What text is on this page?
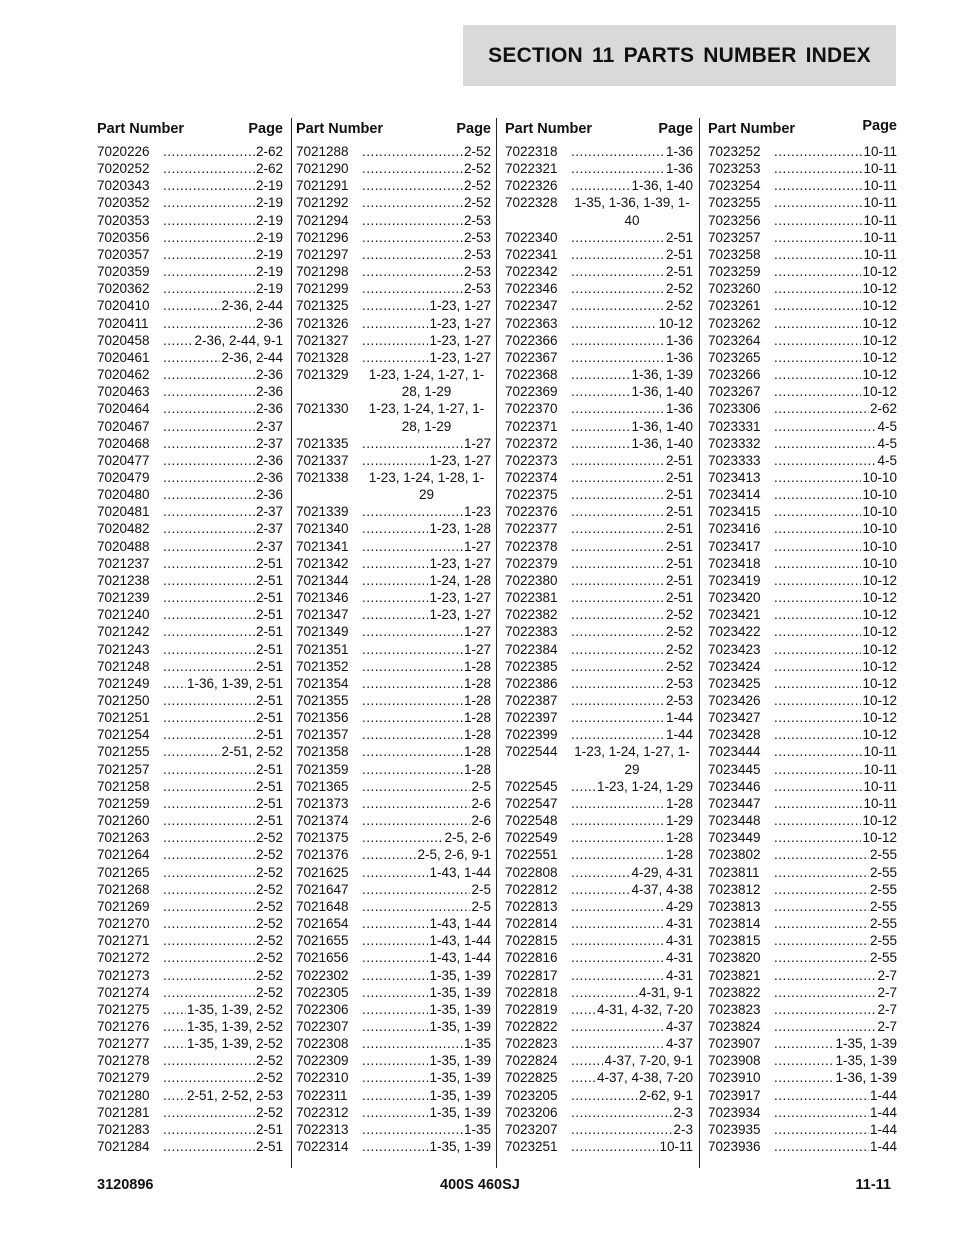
SECTION 11 PARTS NUMBER INDEX
Part Number	Page
7020226 .....	2-62
7020252 .....	2-62
7020343 .....	2-19
7020352 .....	2-19
7020353 .....	2-19
7020356 .....	2-19
7020357 .....	2-19
7020359 .....	2-19
7020362 .....	2-19
7020410 .....	2-36, 2-44
7020411 .....	2-36
7020458 .....	2-36, 2-44, 9-1
7020461 .....	2-36, 2-44
7020462 .....	2-36
7020463 .....	2-36
7020464 .....	2-36
7020467 .....	2-37
7020468 .....	2-37
7020477 .....	2-36
7020479 .....	2-36
7020480 .....	2-36
7020481 .....	2-37
7020482 .....	2-37
7020488 .....	2-37
7021237 .....	2-51
7021238 .....	2-51
7021239 .....	2-51
7021240 .....	2-51
7021242 .....	2-51
7021243 .....	2-51
7021248 .....	2-51
7021249 .....	1-36, 1-39, 2-51
7021250 .....	2-51
7021251 .....	2-51
7021254 .....	2-51
7021255 .....	2-51, 2-52
7021257 .....	2-51
7021258 .....	2-51
7021259 .....	2-51
7021260 .....	2-51
7021263 .....	2-52
7021264 .....	2-52
7021265 .....	2-52
7021268 .....	2-52
7021269 .....	2-52
7021270 .....	2-52
7021271 .....	2-52
7021272 .....	2-52
7021273 .....	2-52
7021274 .....	2-52
7021275 .....	1-35, 1-39, 2-52
7021276 .....	1-35, 1-39, 2-52
7021277 .....	1-35, 1-39, 2-52
7021278 .....	2-52
7021279 .....	2-52
7021280 .....	2-51, 2-52, 2-53
7021281 .....	2-52
7021283 .....	2-51
7021284 .....	2-51
Part Number	Page
7021288 .....	2-52
7021290 .....	2-52
7021291 .....	2-52
7021292 .....	2-52
7021294 .....	2-53
7021296 .....	2-53
7021297 .....	2-53
7021298 .....	2-53
7021299 .....	2-53
7021325 .....	1-23, 1-27
7021326 .....	1-23, 1-27
7021327 .....	1-23, 1-27
7021328 .....	1-23, 1-27
7021329	1-23, 1-24, 1-27, 1-28, 1-29
7021330	1-23, 1-24, 1-27, 1-28, 1-29
7021335 .....	1-27
7021337 .....	1-23, 1-27
7021338	1-23, 1-24, 1-28, 1-29
7021339 .....	1-23
7021340 .....	1-23, 1-28
7021341 .....	1-27
7021342 .....	1-23, 1-27
7021344 .....	1-24, 1-28
7021346 .....	1-23, 1-27
7021347 .....	1-23, 1-27
7021349 .....	1-27
7021351 .....	1-27
7021352 .....	1-28
7021354 .....	1-28
7021355 .....	1-28
7021356 .....	1-28
7021357 .....	1-28
7021358 .....	1-28
7021359 .....	1-28
7021365 .....	2-5
7021373 .....	2-6
7021374 .....	2-6
7021375 .....	2-5, 2-6
7021376 .....	2-5, 2-6, 9-1
7021625 .....	1-43, 1-44
7021647 .....	2-5
7021648 .....	2-5
7021654 .....	1-43, 1-44
7021655 .....	1-43, 1-44
7021656 .....	1-43, 1-44
7022302 .....	1-35, 1-39
7022305 .....	1-35, 1-39
7022306 .....	1-35, 1-39
7022307 .....	1-35, 1-39
7022308 .....	1-35
7022309 .....	1-35, 1-39
7022310 .....	1-35, 1-39
7022311 .....	1-35, 1-39
7022312 .....	1-35, 1-39
7022313 .....	1-35
7022314 .....	1-35, 1-39
Part Number	Page
7022318 .....	1-36
7022321 .....	1-36
7022326 .....	1-36, 1-40
7022328	1-35, 1-36, 1-39, 1-40
7022340 .....	2-51
7022341 .....	2-51
7022342 .....	2-51
7022346 .....	2-52
7022347 .....	2-52
7022363 .....	10-12
7022366 .....	1-36
7022367 .....	1-36
7022368 .....	1-36, 1-39
7022369 .....	1-36, 1-40
7022370 .....	1-36
7022371 .....	1-36, 1-40
7022372 .....	1-36, 1-40
7022373 .....	2-51
7022374 .....	2-51
7022375 .....	2-51
7022376 .....	2-51
7022377 .....	2-51
7022378 .....	2-51
7022379 .....	2-51
7022380 .....	2-51
7022381 .....	2-51
7022382 .....	2-52
7022383 .....	2-52
7022384 .....	2-52
7022385 .....	2-52
7022386 .....	2-53
7022387 .....	2-53
7022397 .....	1-44
7022399 .....	1-44
7022544	1-23, 1-24, 1-27, 1-29
7022545 .....	1-23, 1-24, 1-29
7022547 .....	1-28
7022548 .....	1-29
7022549 .....	1-28
7022551 .....	1-28
7022808 .....	4-29, 4-31
7022812 .....	4-37, 4-38
7022813 .....	4-29
7022814 .....	4-31
7022815 .....	4-31
7022816 .....	4-31
7022817 .....	4-31
7022818 .....	4-31, 9-1
7022819 .....	4-31, 4-32, 7-20
7022822 .....	4-37
7022823 .....	4-37
7022824 .....	4-37, 7-20, 9-1
7022825 .....	4-37, 4-38, 7-20
7023205 .....	2-62, 9-1
7023206 .....	2-3
7023207 .....	2-3
7023251 .....	10-11
Part Number	Page
7023252 .....	10-11
7023253 .....	10-11
7023254 .....	10-11
7023255 .....	10-11
7023256 .....	10-11
7023257 .....	10-11
7023258 .....	10-11
7023259 .....	10-12
7023260 .....	10-12
7023261 .....	10-12
7023262 .....	10-12
7023264 .....	10-12
7023265 .....	10-12
7023266 .....	10-12
7023267 .....	10-12
7023306 .....	2-62
7023331 .....	4-5
7023332 .....	4-5
7023333 .....	4-5
7023413 .....	10-10
7023414 .....	10-10
7023415 .....	10-10
7023416 .....	10-10
7023417 .....	10-10
7023418 .....	10-10
7023419 .....	10-12
7023420 .....	10-12
7023421 .....	10-12
7023422 .....	10-12
7023423 .....	10-12
7023424 .....	10-12
7023425 .....	10-12
7023426 .....	10-12
7023427 .....	10-12
7023428 .....	10-12
7023444 .....	10-11
7023445 .....	10-11
7023446 .....	10-11
7023447 .....	10-11
7023448 .....	10-12
7023449 .....	10-12
7023802 .....	2-55
7023811 .....	2-55
7023812 .....	2-55
7023813 .....	2-55
7023814 .....	2-55
7023815 .....	2-55
7023820 .....	2-55
7023821 .....	2-7
7023822 .....	2-7
7023823 .....	2-7
7023824 .....	2-7
7023907 .....	1-35, 1-39
7023908 .....	1-35, 1-39
7023910 .....	1-36, 1-39
7023917 .....	1-44
7023934 .....	1-44
7023935 .....	1-44
7023936 .....	1-44
3120896	400S 460SJ	11-11
